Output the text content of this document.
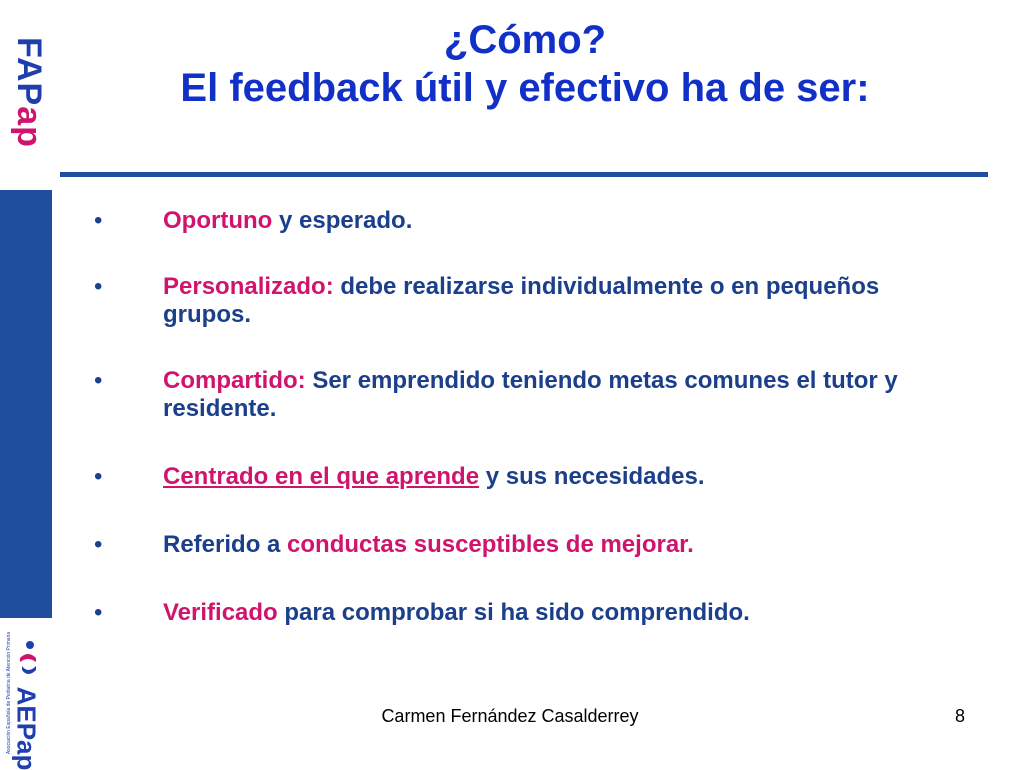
FAPap
Asociación Española de Pediatría de Atención Primaria AEPap
¿Cómo?
El feedback útil y efectivo ha de ser:
•	Oportuno y esperado.
•	Personalizado: debe realizarse individualmente o en pequeños grupos.
•	Compartido: Ser emprendido teniendo metas comunes el tutor y residente.
•	Centrado en el que aprende y sus necesidades.
•	Referido a conductas susceptibles de mejorar.
•	Verificado para comprobar si ha sido comprendido.
Carmen Fernández Casalderrey	8
